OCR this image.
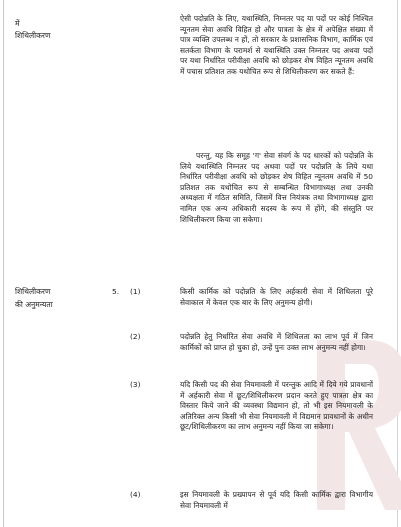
में

शिथिलीकरण

ऐसी पदोन्नति के लिए, यथास्थिति, निम्नतर पद या पदों पर कोई निश्चित न्यूनतम सेवा अवधि विहित हो और पात्रता के क्षेत्र में अपेक्षित संख्या में पात्र व्यक्ति उपलब्ध न हों, तो सरकार के प्रशासनिक विभाग, कार्मिक एवं सतर्कता विभाग के परामर्श से यथास्थिति उक्त निम्नतर पद अथवा पदों पर यथा निर्धारित परीवीक्षा अवधि को छोड़कर शेष विहित न्यूनतम अवधि में पचास प्रतिशत तक यथोचित रूप से शिथिलीकरण कर सकते हैं:

परन्तु, यह कि समूह 'ग' सेवा संवर्ग के पद धारकों को पदोन्नति के लिये यथास्थिति निम्नतर पद अथवा पदों पर पदोन्नति के लिये यथा निर्धारित परीवीक्षा अवधि को छोड़कर शेष विहित न्यूनतम अवधि में 50 प्रतिशत तक यथोचित रूप से सम्बन्धित विभागाध्यक्ष तथा उनकी अध्यक्षता में गठित समिति, जिसमें वित्त नियंत्रक तथा विभागाध्यक्ष द्वारा नामित एक अन्य अधिकारी सदस्य के रूप में होंगे, की संस्तुति पर शिथिलीकरण किया जा सकेगा।

शिथिलीकरण

की अनुमन्यता

5. (1)	किसी कार्मिक को पदोन्नति के लिए अर्हकारी सेवा में शिथिलता पूरे सेवाकाल में केवल एक बार के लिए अनुमन्य होगी।

(2)	पदोन्नति हेतु निर्धारित सेवा अवधि में शिथिलता का लाभ पूर्व में जिन कार्मिकों को प्राप्त हो चुका हो, उन्हें पुनः उक्त लाभ अनुमन्य नहीं होगा।

(3)	यदि किसी पद की सेवा नियमावली में परन्तुक आदि में दिये गये प्रावधानों में अर्हकारी सेवा में छूट/शिथिलीकरण प्रदान करते हुए पात्रता क्षेत्र का विस्तार किये जाने की व्यवस्था विद्यमान हो, तो भी इस नियमावली के अतिरिक्त अन्य किसी भी सेवा नियमावली में विद्यमान प्रावधानों के अधीन छूट/शिथिलीकरण का लाभ अनुमन्य नहीं किया जा सकेगा।

(4)	इस नियमावली के प्रख्यापन से पूर्व यदि किसी कार्मिक द्वारा विभागीय सेवा नियमावली में
